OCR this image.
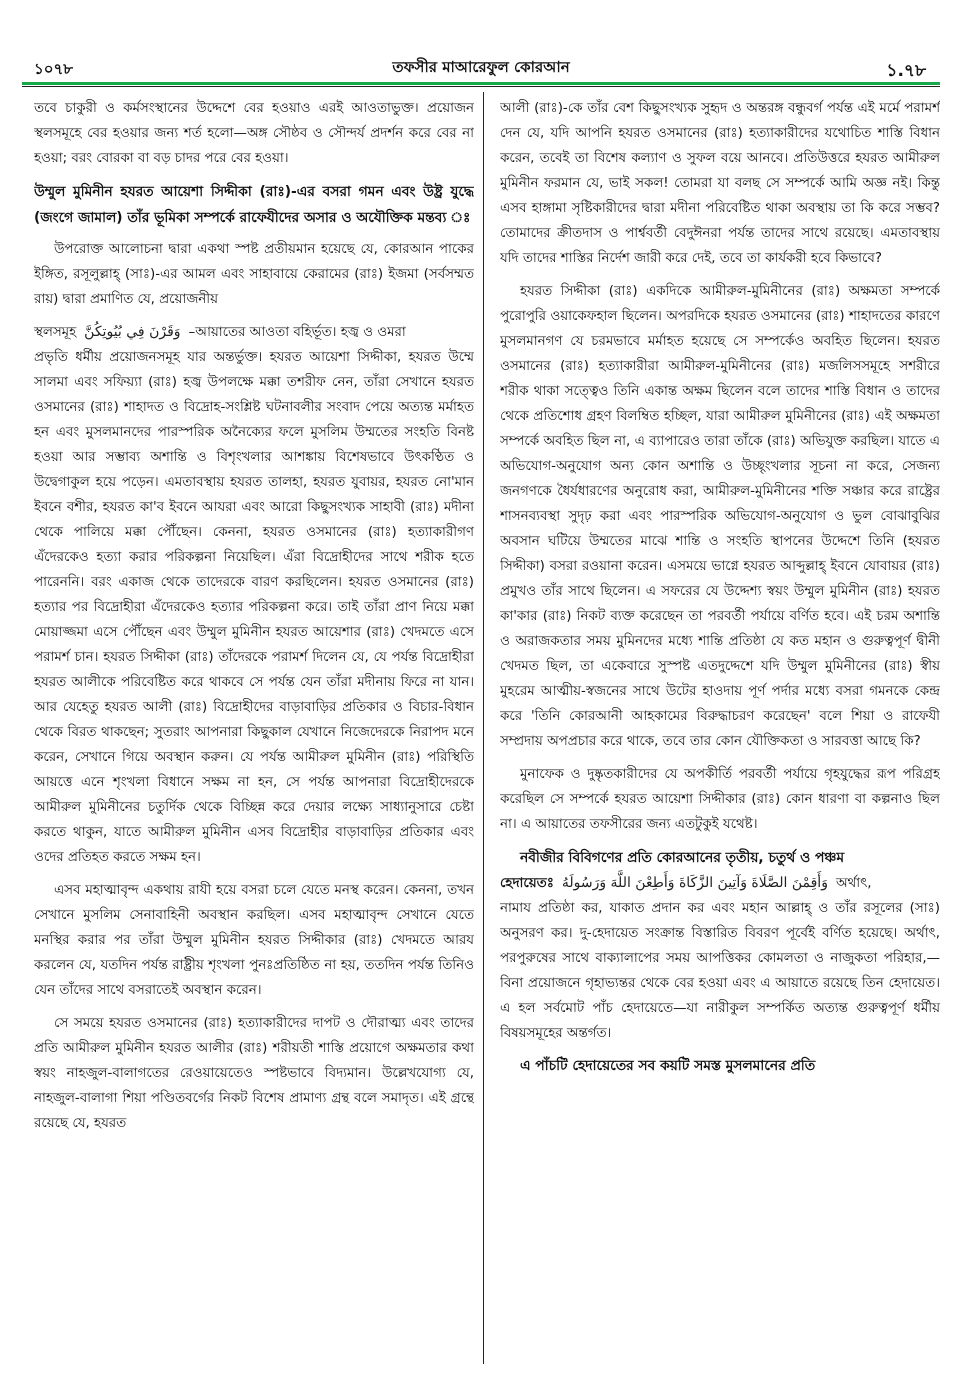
১০৭৮	তফসীর মাআরেফুল কোরআন	১.৭৮

তবে চাকুরী ও কর্মসংস্থানের উদ্দেশে বের হওয়াও এরই আওতাভুক্ত। প্রয়োজন স্থলসমূহে বের হওয়ার জন্য শর্ত হলো—অঙ্গ সৌষ্ঠব ও সৌন্দর্য প্রদর্শন করে বের না হওয়া; বরং বোরকা বা বড় চাদর পরে বের হওয়া।

উম্মুল মুমিনীন হযরত আয়েশা সিদ্দীকা (রাঃ)-এর বসরা গমন এবং উষ্ট্র যুদ্ধে (জংগে জামাল) তাঁর ভূমিকা সম্পর্কে রাফেযীদের অসার ও অযৌক্তিক মন্তব্য ঃ

উপরোক্ত আলোচনা দ্বারা একথা স্পষ্ট প্রতীয়মান হয়েছে যে, কোরআন পাকের ইঙ্গিত, রসূলুল্লাহ্ (সাঃ)-এর আমল এবং সাহাবায়ে কেরামের (রাঃ) ইজমা (সর্বসম্মত রায়) দ্বারা প্রমাণিত যে, প্রয়োজনীয়

স্থলসমূহ وَقَرْنَ فِي بُيُوتِكُنَّ –আয়াতের আওতা বহির্ভূত। হজ্ব ও ওমরা

প্রভৃতি ধর্মীয় প্রয়োজনসমূহ যার অন্তর্ভুক্ত। হযরত আয়েশা সিদ্দীকা, হযরত উম্মে সালমা এবং সফিয়্যা (রাঃ) হজ্ব উপলক্ষে মক্কা তশরীফ নেন, তাঁরা সেখানে হযরত ওসমানের (রাঃ) শাহাদত ও বিদ্রোহ-সংশ্লিষ্ট ঘটনাবলীর সংবাদ পেয়ে অত্যন্ত মর্মাহত হন এবং মুসলমানদের পারস্পরিক অনৈক্যের ফলে মুসলিম উম্মতের সংহতি বিনষ্ট হওয়া আর সম্ভাব্য অশান্তি ও বিশৃংখলার আশঙ্কায় বিশেষভাবে উৎকণ্ঠিত ও উদ্বেগাকুল হয়ে পড়েন। এমতাবস্থায় হযরত তালহা, হযরত যুবায়র, হযরত নো'মান ইবনে বশীর, হযরত কা'ব ইবনে আযরা এবং আরো কিছুসংখ্যক সাহাবী (রাঃ) মদীনা থেকে পালিয়ে মক্কা পৌঁছেন। কেননা, হযরত ওসমানের (রাঃ) হত্যাকারীগণ এঁদেরকেও হত্যা করার পরিকল্পনা নিয়েছিল। এঁরা বিদ্রোহীদের সাথে শরীক হতে পারেননি। বরং একাজ থেকে তাদেরকে বারণ করছিলেন। হযরত ওসমানের (রাঃ) হত্যার পর বিদ্রোহীরা এঁদেরকেও হত্যার পরিকল্পনা করে। তাই তাঁরা প্রাণ নিয়ে মক্কা মোয়াজ্জমা এসে পৌঁছেন এবং উম্মুল মুমিনীন হযরত আয়েশার (রাঃ) খেদমতে এসে পরামর্শ চান। হযরত সিদ্দীকা (রাঃ) তাঁদেরকে পরামর্শ দিলেন যে, যে পর্যন্ত বিদ্রোহীরা হযরত আলীকে পরিবেষ্টিত করে থাকবে সে পর্যন্ত যেন তাঁরা মদীনায় ফিরে না যান। আর যেহেতু হযরত আলী (রাঃ) বিদ্রোহীদের বাড়াবাড়ির প্রতিকার ও বিচার-বিধান থেকে বিরত থাকছেন; সুতরাং আপনারা কিছুকাল যেখানে নিজেদেরকে নিরাপদ মনে করেন, সেখানে গিয়ে অবস্থান করুন। যে পর্যন্ত আমীরুল মুমিনীন (রাঃ) পরিস্থিতি আয়ত্তে এনে শৃংখলা বিধানে সক্ষম না হন, সে পর্যন্ত আপনারা বিদ্রোহীদেরকে আমীরুল মুমিনীনের চতুর্দিক থেকে বিচ্ছিন্ন করে দেয়ার লক্ষ্যে সাধ্যানুসারে চেষ্টা করতে থাকুন, যাতে আমীরুল মুমিনীন এসব বিদ্রোহীর বাড়াবাড়ির প্রতিকার এবং ওদের প্রতিহত করতে সক্ষম হন।

এসব মহাত্মাবৃন্দ একথায় রাযী হয়ে বসরা চলে যেতে মনস্থ করেন। কেননা, তখন সেখানে মুসলিম সেনাবাহিনী অবস্থান করছিল। এসব মহাত্মাবৃন্দ সেখানে যেতে মনস্থির করার পর তাঁরা উম্মুল মুমিনীন হযরত সিদ্দীকার (রাঃ) খেদমতে আরয করলেন যে, যতদিন পর্যন্ত রাষ্ট্রীয় শৃংখলা পুনঃপ্রতিষ্ঠিত না হয়, ততদিন পর্যন্ত তিনিও যেন তাঁদের সাথে বসরাতেই অবস্থান করেন।

সে সময়ে হযরত ওসমানের (রাঃ) হত্যাকারীদের দাপট ও দৌরাত্ম্য এবং তাদের প্রতি আমীরুল মুমিনীন হযরত আলীর (রাঃ) শরীয়তী শাস্তি প্রয়োগে অক্ষমতার কথা স্বয়ং নাহজুল-বালাগতের রেওয়ায়েতেও স্পষ্টভাবে বিদ্যমান। উল্লেখযোগ্য যে, নাহজুল-বালাগা শিয়া পণ্ডিতবর্গের নিকট বিশেষ প্রামাণ্য গ্রন্থ বলে সমাদৃত। এই গ্রন্থে রয়েছে যে, হযরত

আলী (রাঃ)-কে তাঁর বেশ কিছুসংখ্যক সুহৃদ ও অন্তরঙ্গ বন্ধুবর্গ পর্যন্ত এই মর্মে পরামর্শ দেন যে, যদি আপনি হযরত ওসমানের (রাঃ) হত্যাকারীদের যথোচিত শাস্তি বিধান করেন, তবেই তা বিশেষ কল্যাণ ও সুফল বয়ে আনবে। প্রতিউত্তরে হযরত আমীরুল মুমিনীন ফরমান যে, ভাই সকল! তোমরা যা বলছ সে সম্পর্কে আমি অজ্ঞ নই। কিন্তু এসব হাঙ্গামা সৃষ্টিকারীদের দ্বারা মদীনা পরিবেষ্টিত থাকা অবস্থায় তা কি করে সম্ভব? তোমাদের ক্রীতদাস ও পার্শ্ববর্তী বেদুঈনরা পর্যন্ত তাদের সাথে রয়েছে। এমতাবস্থায় যদি তাদের শাস্তির নির্দেশ জারী করে দেই, তবে তা কার্যকরী হবে কিভাবে?

হযরত সিদ্দীকা (রাঃ) একদিকে আমীরুল-মুমিনীনের (রাঃ) অক্ষমতা সম্পর্কে পুরোপুরি ওয়াকেফহাল ছিলেন। অপরদিকে হযরত ওসমানের (রাঃ) শাহাদতের কারণে মুসলমানগণ যে চরমভাবে মর্মাহত হয়েছে সে সম্পর্কেও অবহিত ছিলেন। হযরত ওসমানের (রাঃ) হত্যাকারীরা আমীরুল-মুমিনীনের (রাঃ) মজলিসসমূহে সশরীরে শরীক থাকা সত্ত্বেও তিনি একান্ত অক্ষম ছিলেন বলে তাদের শাস্তি বিধান ও তাদের থেকে প্রতিশোধ গ্রহণ বিলম্বিত হচ্ছিল, যারা আমীরুল মুমিনীনের (রাঃ) এই অক্ষমতা সম্পর্কে অবহিত ছিল না, এ ব্যাপারেও তারা তাঁকে (রাঃ) অভিযুক্ত করছিল। যাতে এ অভিযোগ-অনুযোগ অন্য কোন অশান্তি ও উচ্ছৃংখলার সূচনা না করে, সেজন্য জনগণকে ধৈর্যধারণের অনুরোধ করা, আমীরুল-মুমিনীনের শক্তি সঞ্চার করে রাষ্ট্রের শাসনব্যবস্থা সুদৃঢ় করা এবং পারস্পরিক অভিযোগ-অনুযোগ ও ভুল বোঝাবুঝির অবসান ঘটিয়ে উম্মতের মাঝে শান্তি ও সংহতি স্থাপনের উদ্দেশে তিনি (হযরত সিদ্দীকা) বসরা রওয়ানা করেন। এসময়ে ভাগ্নে হযরত আব্দুল্লাহ্ ইবনে যোবায়র (রাঃ) প্রমুখও তাঁর সাথে ছিলেন। এ সফরের যে উদ্দেশ্য স্বয়ং উম্মুল মুমিনীন (রাঃ) হযরত কা'কার (রাঃ) নিকট ব্যক্ত করেছেন তা পরবর্তী পর্যায়ে বর্ণিত হবে। এই চরম অশান্তি ও অরাজকতার সময় মুমিনদের মধ্যে শান্তি প্রতিষ্ঠা যে কত মহান ও গুরুত্বপূর্ণ দ্বীনী খেদমত ছিল, তা একেবারে সুস্পষ্ট এতদুদ্দেশে যদি উম্মুল মুমিনীনের (রাঃ) স্বীয় মুহরেম আত্মীয়-স্বজনের সাথে উটের হাওদায় পূর্ণ পর্দার মধ্যে বসরা গমনকে কেন্দ্র করে 'তিনি কোরআনী আহকামের বিরুদ্ধাচরণ করেছেন' বলে শিয়া ও রাফেযী সম্প্রদায় অপপ্রচার করে থাকে, তবে তার কোন যৌক্তিকতা ও সারবত্তা আছে কি?

মুনাফেক ও দুষ্কৃতকারীদের যে অপকীর্তি পরবর্তী পর্যায়ে গৃহযুদ্ধের রূপ পরিগ্রহ করেছিল সে সম্পর্কে হযরত আয়েশা সিদ্দীকার (রাঃ) কোন ধারণা বা কল্পনাও ছিল না। এ আয়াতের তফসীরের জন্য এতটুকুই যথেষ্ট।

নবীজীর বিবিগণের প্রতি কোরআনের তৃতীয়, চতুর্থ ও পঞ্চম

হেদায়েতঃ وَأَقِمْنَ الصَّلَاةَ وَآتِينَ الزَّكَاةَ وَأَطِعْنَ اللَّهَ وَرَسُولَهُ অর্থাৎ,

নামায প্রতিষ্ঠা কর, যাকাত প্রদান কর এবং মহান আল্লাহ্ ও তাঁর রসূলের (সাঃ) অনুসরণ কর। দু-হেদায়েত সংক্রান্ত বিস্তারিত বিবরণ পূর্বেই বর্ণিত হয়েছে। অর্থাৎ, পরপুরুষের সাথে বাক্যালাপের সময় আপত্তিকর কোমলতা ও নাজুকতা পরিহার,—বিনা প্রয়োজনে গৃহাভ্যন্তর থেকে বের হওয়া এবং এ আয়াতে রয়েছে তিন হেদায়েত। এ হল সর্বমোট পাঁচ হেদায়েতে—যা নারীকুল সম্পর্কিত অত্যন্ত গুরুত্বপূর্ণ ধর্মীয় বিষয়সমূহের অন্তর্গত।

এ পাঁচটি হেদায়েতের সব কয়টি সমস্ত মুসলমানের প্রতি
